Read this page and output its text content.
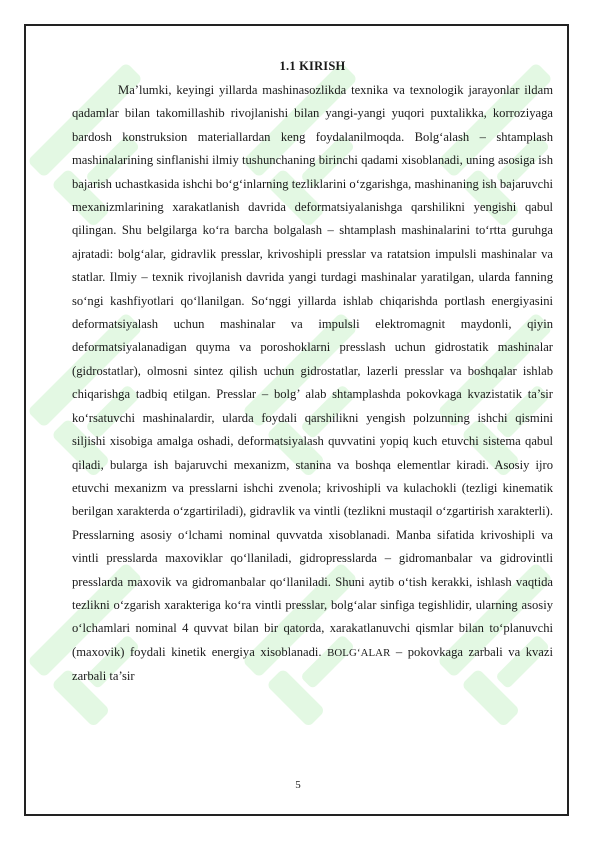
1.1 KIRISH

Ma’lumki, keyingi yillarda mashinasozlikda texnika va texnologik jarayonlar ildam qadamlar bilan takomillashib rivojlanishi bilan yangi-yangi yuqori puxtalikka, korroziyaga bardosh konstruksion materiallardan keng foydalanilmoqda. Bolg‘alash – shtamplash mashinalarining sinflanishi ilmiy tushunchaning birinchi qadami xisoblanadi, uning asosiga ish bajarish uchastkasida ishchi bo‘g‘inlarning tezliklarini o‘zgarishga, mashinaning ish bajaruvchi mexanizmlarining xarakatlanish davrida deformatsiyalanishga qarshilikni yengishi qabul qilingan. Shu belgilarga ko‘ra barcha bolgalash – shtamplash mashinalarini to‘rtta guruhga ajratadi: bolg‘alar, gidravlik presslar, krivoshipli presslar va ratatsion impulsli mashinalar va statlar. Ilmiy – texnik rivojlanish davrida yangi turdagi mashinalar yaratilgan, ularda fanning so‘ngi kashfiyotlari qo‘llanilgan. So‘nggi yillarda ishlab chiqarishda portlash energiyasini deformatsiyalash uchun mashinalar va impulsli elektromagnit maydonli, qiyin deformatsiyalanadigan quyma va poroshoklarni presslash uchun gidrostatik mashinalar (gidrostatlar), olmosni sintez qilish uchun gidrostatlar, lazerli presslar va boshqalar ishlab chiqarishga tadbiq etilgan. Presslar – bolg’ alab shtamplashda pokovkaga kvazistatik ta’sir ko‘rsatuvchi mashinalardir, ularda foydali qarshilikni yengish polzunning ishchi qismini siljishi xisobiga amalga oshadi, deformatsiyalash quvvatini yopiq kuch etuvchi sistema qabul qiladi, bularga ish bajaruvchi mexanizm, stanina va boshqa elementlar kiradi. Asosiy ijro etuvchi mexanizm va presslarni ishchi zvenola; krivoshipli va kulachokli (tezligi kinematik berilgan xarakterda o‘zgartiriladi), gidravlik va vintli (tezlikni mustaqil o‘zgartirish xarakterli). Presslarning asosiy o‘lchami nominal quvvatda xisoblanadi. Manba sifatida krivoshipli va vintli presslarda maxoviklar qo‘llaniladi, gidropresslarda – gidromanbalar va gidrovintli presslarda maxovik va gidromanbalar qo‘llaniladi. Shuni aytib o‘tish kerakki, ishlash vaqtida tezlikni o‘zgarish xarakteriga ko‘ra vintli presslar, bolg‘alar sinfiga tegishlidir, ularning asosiy o‘lchamlari nominal 4 quvvat bilan bir qatorda, xarakatlanuvchi qismlar bilan to‘planuvchi (maxovik) foydali kinetik energiya xisoblanadi. BOLG‘ALAR – pokovkaga zarbali va kvazi zarbali ta’sir

5
